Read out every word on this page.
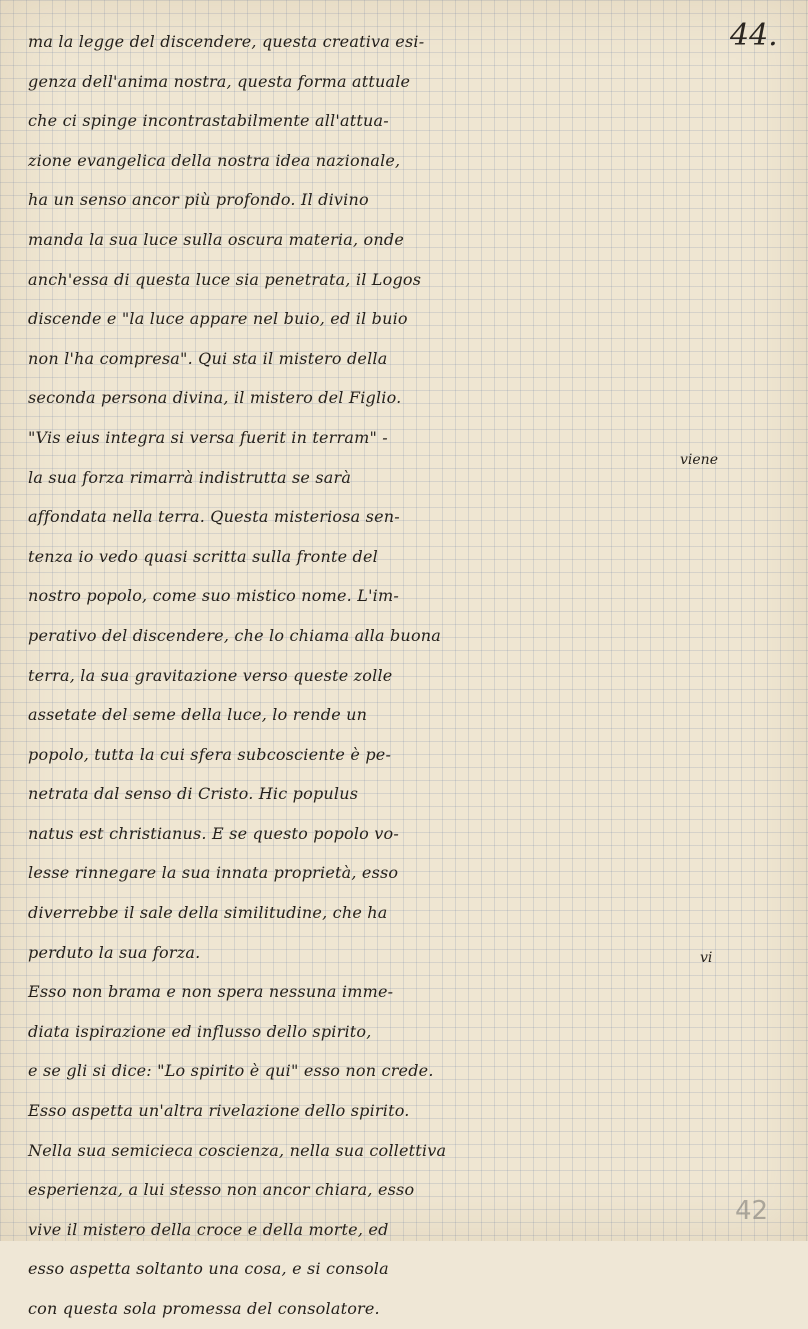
44.
ma la legge del discendere, questa creativa esi-
genza dell'anima nostra, questa forma attuale
che ci spinge incontrastabilmente all'attua-
zione evangelica della nostra idea nazionale,
ha un senso ancor più profondo. Il divino
manda la sua luce sulla oscura materia, onde
anch'essa di questa luce sia penetrata, il Logos
discende e "la luce appare nel buio, ed il buio
non l'ha compresa". Qui sta il mistero della
seconda persona divina, il mistero del Figlio.
"Vis eius integra si versa fuerit in terram" -
la sua forza rimarrà indistrutta se sarà
affondata nella terra. Questa misteriosa sen-
tenza io vedo quasi scritta sulla fronte del
nostro popolo, come suo mistico nome. L'im-
perativo del discendere, che lo chiama alla buona
terra, la sua gravitazione verso queste zolle
assetate del seme della luce, lo rende un
popolo, tutta la cui sfera subcosciente è pe-
netrata dal senso di Cristo. Hic populus
natus est christianus. E se questo popolo vo-
lesse rinnegare la sua innata proprietà, esso
diverrebbe il sale della similitudine, che ha
perduto la sua forza.
Esso non brama e non spera nessuna imme-
diata ispirazione ed influsso dello spirito,
e se gli si dice: "Lo spirito è qui" esso non crede.
Esso aspetta un'altra rivelazione dello spirito.
Nella sua semicieca coscienza, nella sua collettiva
esperienza, a lui stesso non ancor chiara, esso
vive il mistero della croce e della morte, ed
esso aspetta soltanto una cosa, e si consola
con questa sola promessa del consolatore.
viene
vi
42
